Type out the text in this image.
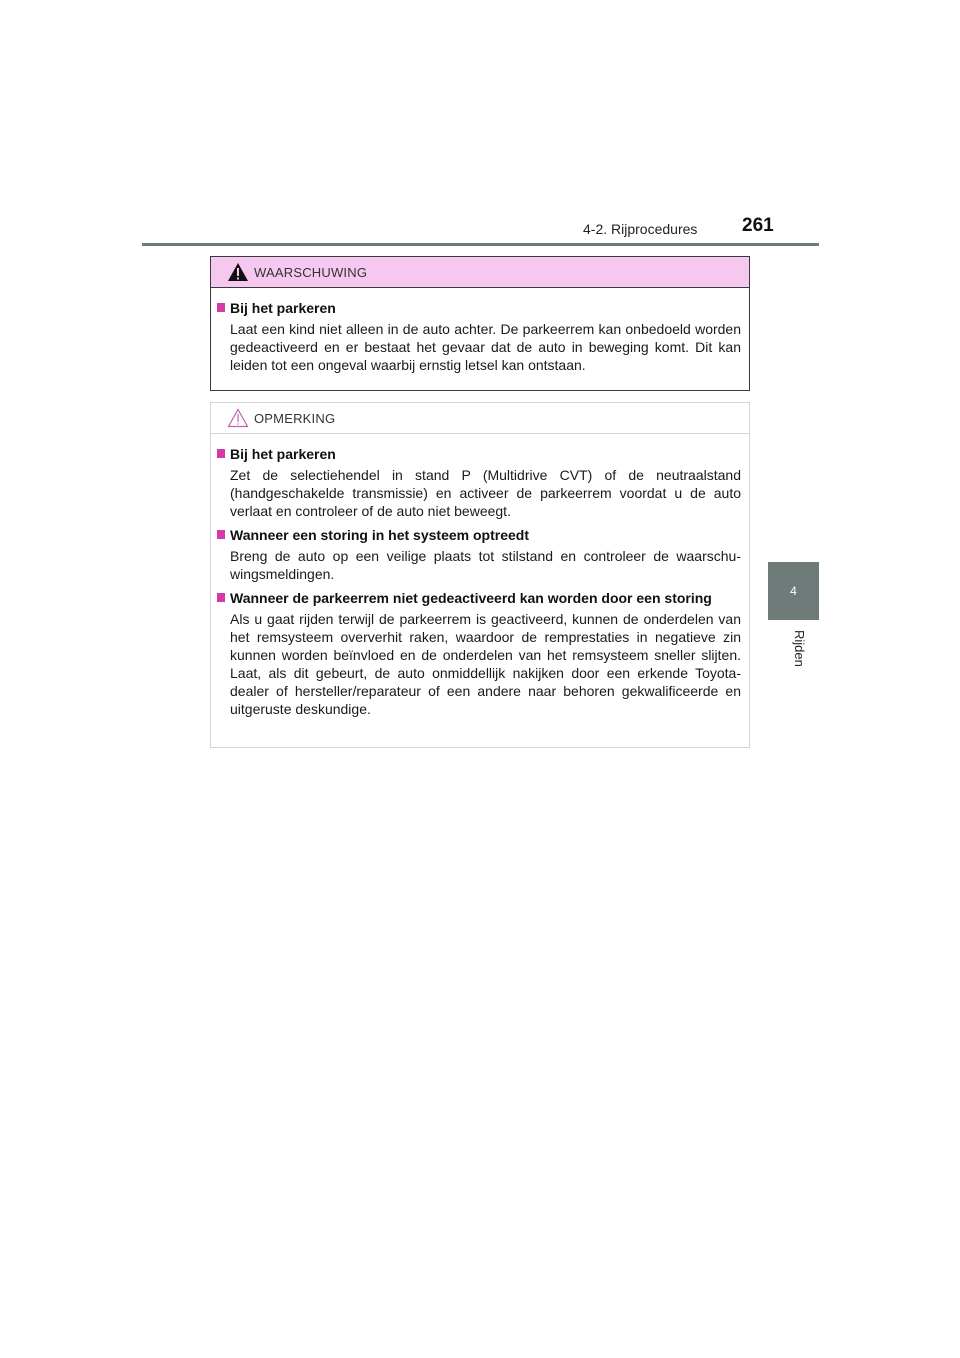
4-2. Rijprocedures 261
4
Rijden
WAARSCHUWING
Bij het parkeren
Laat een kind niet alleen in de auto achter. De parkeerrem kan onbedoeld worden gedeactiveerd en er bestaat het gevaar dat de auto in beweging komt. Dit kan leiden tot een ongeval waarbij ernstig letsel kan ontstaan.
OPMERKING
Bij het parkeren
Zet de selectiehendel in stand P (Multidrive CVT) of de neutraalstand (handgeschakelde transmissie) en activeer de parkeerrem voordat u de auto verlaat en controleer of de auto niet beweegt.
Wanneer een storing in het systeem optreedt
Breng de auto op een veilige plaats tot stilstand en controleer de waarschuwingsmeldingen.
Wanneer de parkeerrem niet gedeactiveerd kan worden door een storing
Als u gaat rijden terwijl de parkeerrem is geactiveerd, kunnen de onderdelen van het remsysteem oververhit raken, waardoor de remprestaties in negatieve zin kunnen worden beïnvloed en de onderdelen van het remsysteem sneller slijten. Laat, als dit gebeurt, de auto onmiddellijk nakijken door een erkende Toyota-dealer of hersteller/reparateur of een andere naar behoren gekwalificeerde en uitgeruste deskundige.
